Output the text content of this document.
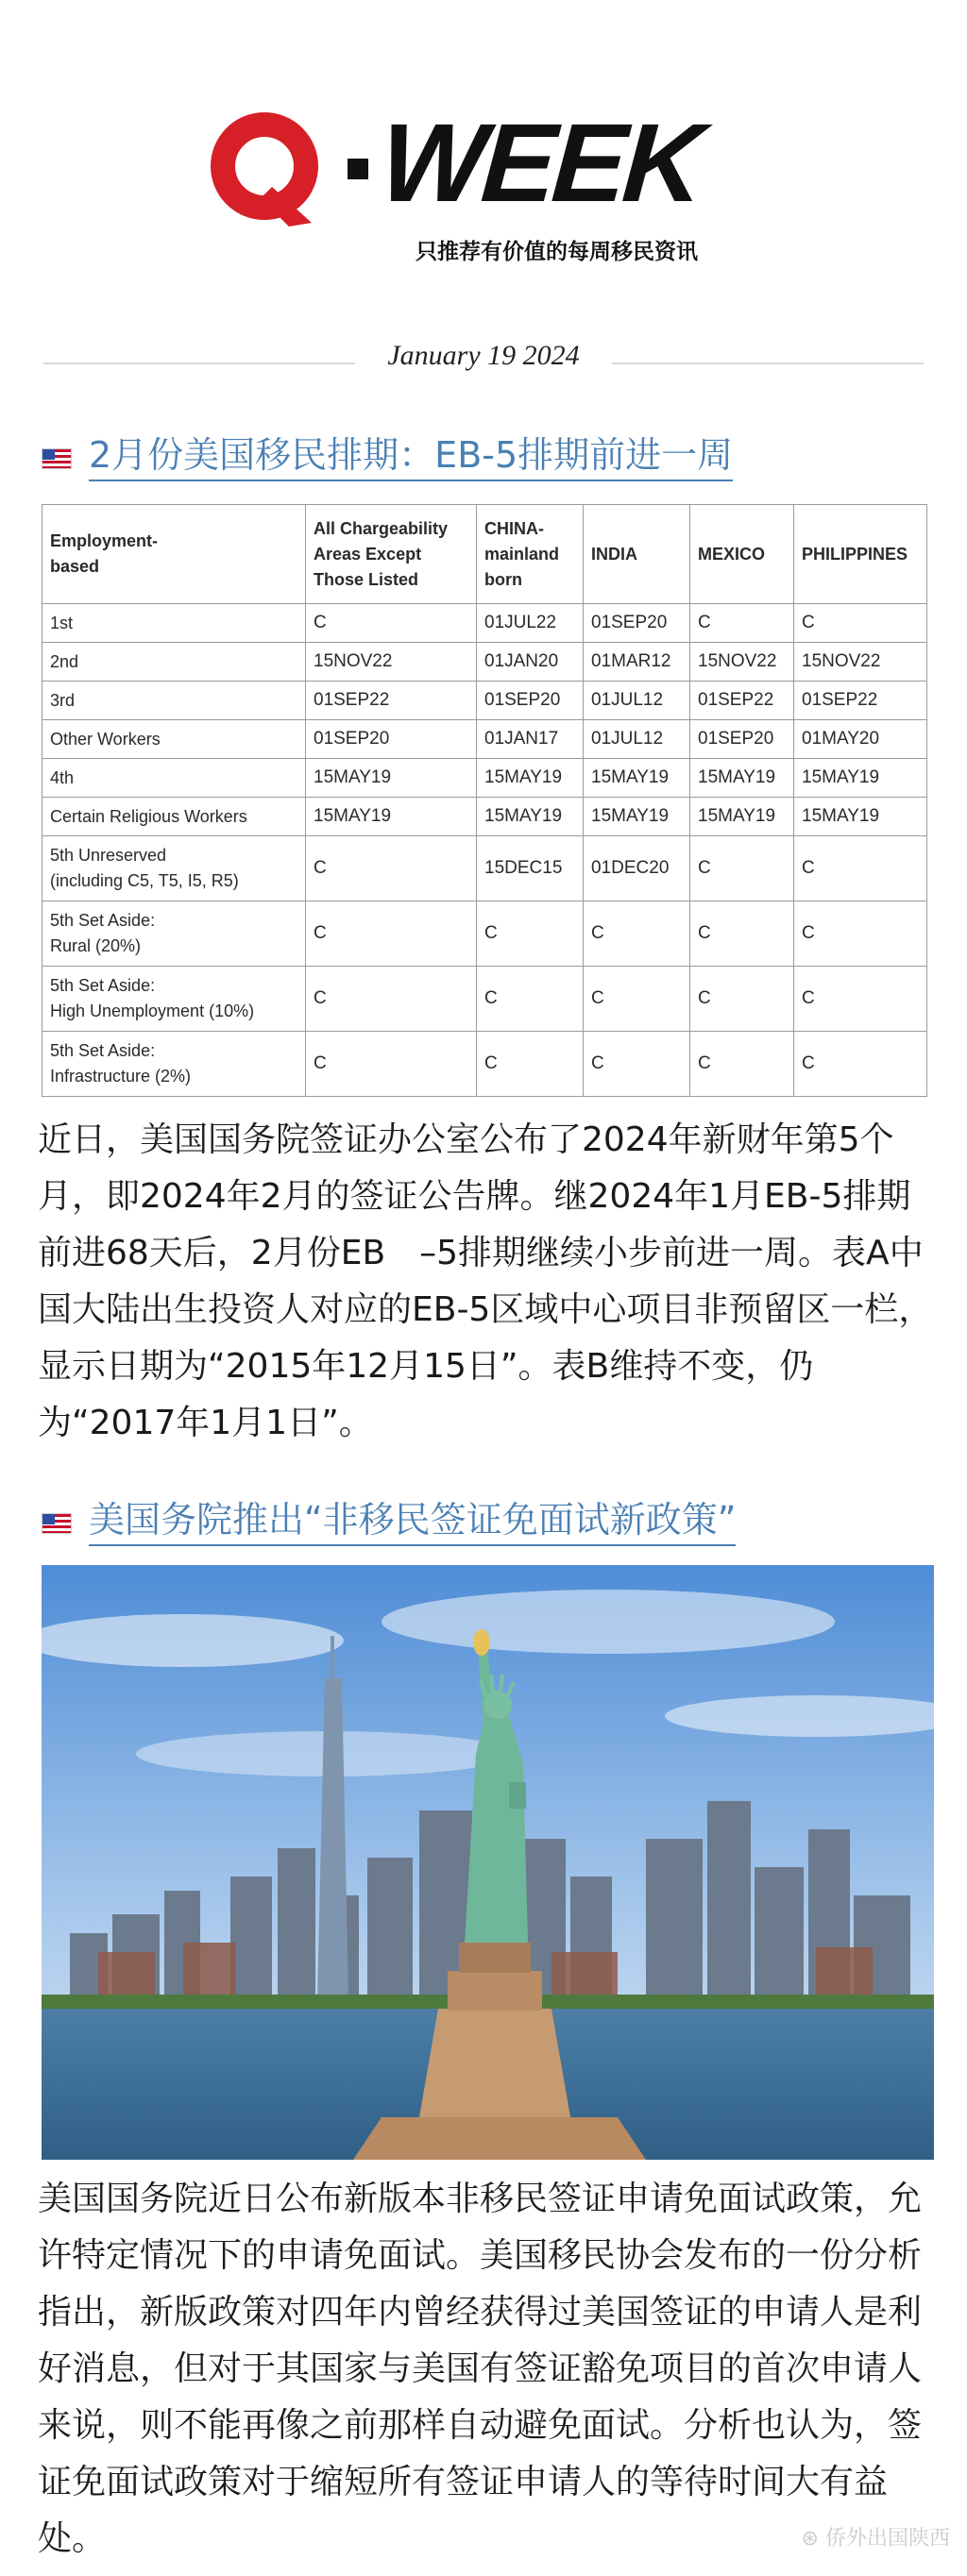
WEEK
只推荐有价值的每周移民资讯
January 19 2024
2月份美国移民排期：EB-5排期前进一周
Employment-
based	All Chargeability
Areas Except
Those Listed	CHINA-
mainland
born	INDIA	MEXICO	PHILIPPINES
1st	C	01JUL22	01SEP20	C	C
2nd	15NOV22	01JAN20	01MAR12	15NOV22	15NOV22
3rd	01SEP22	01SEP20	01JUL12	01SEP22	01SEP22
Other Workers	01SEP20	01JAN17	01JUL12	01SEP20	01MAY20
4th	15MAY19	15MAY19	15MAY19	15MAY19	15MAY19
Certain Religious Workers	15MAY19	15MAY19	15MAY19	15MAY19	15MAY19
5th Unreserved
(including C5, T5, I5, R5)	C	15DEC15	01DEC20	C	C
5th Set Aside:
Rural (20%)	C	C	C	C	C
5th Set Aside:
High Unemployment (10%)	C	C	C	C	C
5th Set Aside:
Infrastructure (2%)	C	C	C	C	C

近日，美国国务院签证办公室公布了2024年新财年第5个月，即2024年2月的签证公告牌。继2024年1月EB-5排期前进68天后，2月份EB　–5排期继续小步前进一周。表A中国大陆出生投资人对应的EB-5区域中心项目非预留区一栏，显示日期为“2015年12月15日”。表B维持不变，仍为“2017年1月1日”。

美国务院推出“非移民签证免面试新政策”

美国国务院近日公布新版本非移民签证申请免面试政策，允许特定情况下的申请免面试。美国移民协会发布的一份分析指出，新版政策对四年内曾经获得过美国签证的申请人是利好消息，但对于其国家与美国有签证豁免项目的首次申请人来说，则不能再像之前那样自动避免面试。分析也认为，签证免面试政策对于缩短所有签证申请人的等待时间大有益处。	⊛ 侨外出国陕西
